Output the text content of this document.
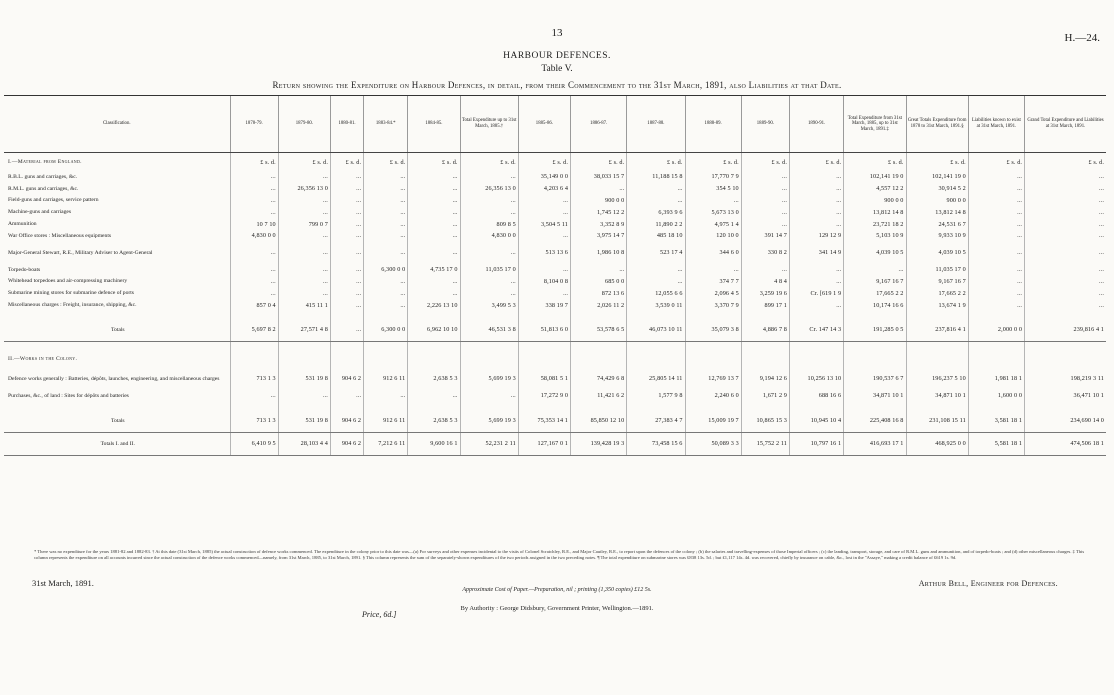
13	H.—24.
HARBOUR DEFENCES.
Table V.
Return showing the Expenditure on Harbour Defences, in detail, from their Commencement to the 31st March, 1891, also Liabilities at that Date.
Classification.	1878-79.	1879-80.	1880-81.	1883-84.*	1884-85.	Total Expenditure up to 31st March, 1885.†	1885-86.	1886-87.	1887-88.	1888-89.	1889-90.	1890-91.	Total Expenditure from 31st March, 1885, up to 31st March, 1891.‡	Great Totals Expenditure from 1878 to 31st March, 1891.§	Liabilities known to exist at 31st March, 1891.	Grand Total Expenditure and Liabilities at 31st March, 1891.
I.—Material from England.	£ s. d.	£ s. d.	£ s. d.	£ s. d.	£ s. d.	£ s. d.	£ s. d.	£ s. d.	£ s. d.	£ s. d.	£ s. d.	£ s. d.	£ s. d.	£ s. d.	£ s. d.	£ s. d.
R.B.L. guns and carriages, &c.	...	...	...	...	...	...	35,149 0 0	38,033 15 7	11,188 15 8	17,770 7 9	...	...	102,141 19 0	102,141 19 0	...	...
R.M.L. guns and carriages, &c.	...	26,356 13 0	...	...	...	26,356 13 0	4,203 6 4	...	...	354 5 10	...	...	4,557 12 2	30,914 5 2	...	...
Field-guns and carriages, service pattern	...	...	...	...	...	...	...	900 0 0	...	...	...	...	900 0 0	900 0 0	...	...
Machine-guns and carriages	...	...	...	...	...	...	...	1,745 12 2	6,393 9 6	5,673 13 0	...	...	13,812 14 8	13,812 14 8	...	...
Ammunition	10 7 10	799 0 7	...	...	...	809 8 5	3,504 5 11	3,352 8 9	11,890 2 2	4,975 1 4	...	...	23,721 18 2	24,531 6 7	...	...
War Office stores : Miscellaneous equipments	4,830 0 0	...	...	...	...	4,830 0 0	...	3,975 14 7	485 18 10	120 10 0	391 14 7	129 12 9	5,103 10 9	9,933 10 9	...	...
Major-General Stewart, R.E., Military Adviser to Agent-General	...	...	...	...	...	...	513 13 6	1,986 10 8	523 17 4	344 6 0	330 8 2	341 14 9	4,039 10 5	4,039 10 5	...	...
Torpedo-boats	...	...	...	6,300 0 0	4,735 17 0	11,035 17 0	...	...	...	...	...	...	...	11,035 17 0	...	...
Whitehead torpedoes and air-compressing machinery	...	...	...	...	...	...	8,104 0 8	685 0 0	...	374 7 7	4 8 4	...	9,167 16 7	9,167 16 7	...	...
Submarine mining stores for submarine defence of ports	...	...	...	...	...	...	...	872 13 6	12,055 6 6	2,096 4 5	3,259 19 6	Cr. [619 1 9	17,665 2 2	17,665 2 2	...	...
Miscellaneous charges : Freight, insurance, shipping, &c.	857 0 4	415 11 1	...	...	2,226 13 10	3,499 5 3	338 19 7	2,026 11 2	3,539 0 11	3,370 7 9	899 17 1	...	10,174 16 6	13,674 1 9	...	...

Totals	5,697 8 2	27,571 4 8	...	6,300 0 0	6,962 10 10	46,531 3 8	51,813 6 0	53,578 6 5	46,073 10 11	35,079 3 8	4,886 7 8	Cr. 147 14 3	191,285 0 5	237,816 4 1	2,000 0 0	239,816 4 1

II.—Works in the Colony.																
Defence works generally : Batteries, dépôts, launches, engineering, and miscellaneous charges	713 1 3	531 19 8	904 6 2	912 6 11	2,638 5 3	5,699 19 3	58,081 5 1	74,429 6 8	25,805 14 11	12,769 13 7	9,194 12 6	10,256 13 10	190,537 6 7	196,237 5 10	1,981 18 1	198,219 3 11
Purchases, &c., of land : Sites for dépôts and batteries	...	...	...	...	...	...	17,272 9 0	11,421 6 2	1,577 9 8	2,240 6 0	1,671 2 9	688 16 6	34,871 10 1	34,871 10 1	1,600 0 0	36,471 10 1

Totals	713 1 3	531 19 8	904 6 2	912 6 11	2,638 5 3	5,699 19 3	75,353 14 1	85,850 12 10	27,383 4 7	15,009 19 7	10,865 15 3	10,945 10 4	225,408 16 8	231,108 15 11	3,581 18 1	234,690 14 0
Totals I. and II.	6,410 9 5	28,103 4 4	904 6 2	7,212 6 11	9,600 16 1	52,231 2 11	127,167 0 1	139,428 19 3	73,458 15 6	50,089 3 3	15,752 2 11	10,797 16 1	416,693 17 1	468,925 0 0	5,581 18 1	474,506 18 1
* There was no expenditure for the years 1881-82 and 1882-83. † At this date (31st March, 1885) the actual construction of defence works commenced. The expenditure in the colony prior to this date was—(a) For surveys and other expenses incidental to the visits of Colonel Scratchley, R.E., and Major Cautley, R.E., to report upon the defences of the colony ; (b) the salaries and travelling-expenses of those Imperial officers ; (c) the landing, transport, storage, and care of R.M.L. guns and ammunition, and of torpedo-boats ; and (d) other miscellaneous charges. ‡ This column represents the expenditure on all accounts incurred since the actual construction of the defence works commenced—namely, from 31st March, 1885, to 31st March, 1891. § This column represents the sum of the separately-shown expenditures of the two periods assigned in the two preceding notes. ¶ The total expenditure on submarine stores was £838 13s. 5d. ; but £1,117 14s. 4d. was recovered, chiefly by insurance on cable, &c., lost in the "Assaye," making a credit balance of £619 1s. 9d.
31st March, 1891.	Arthur Bell, Engineer for Defences.
Approximate Cost of Paper.—Preparation, nil ; printing (1,350 copies) £12 5s.
By Authority : George Didsbury, Government Printer, Wellington.—1891.
Price, 6d.]
